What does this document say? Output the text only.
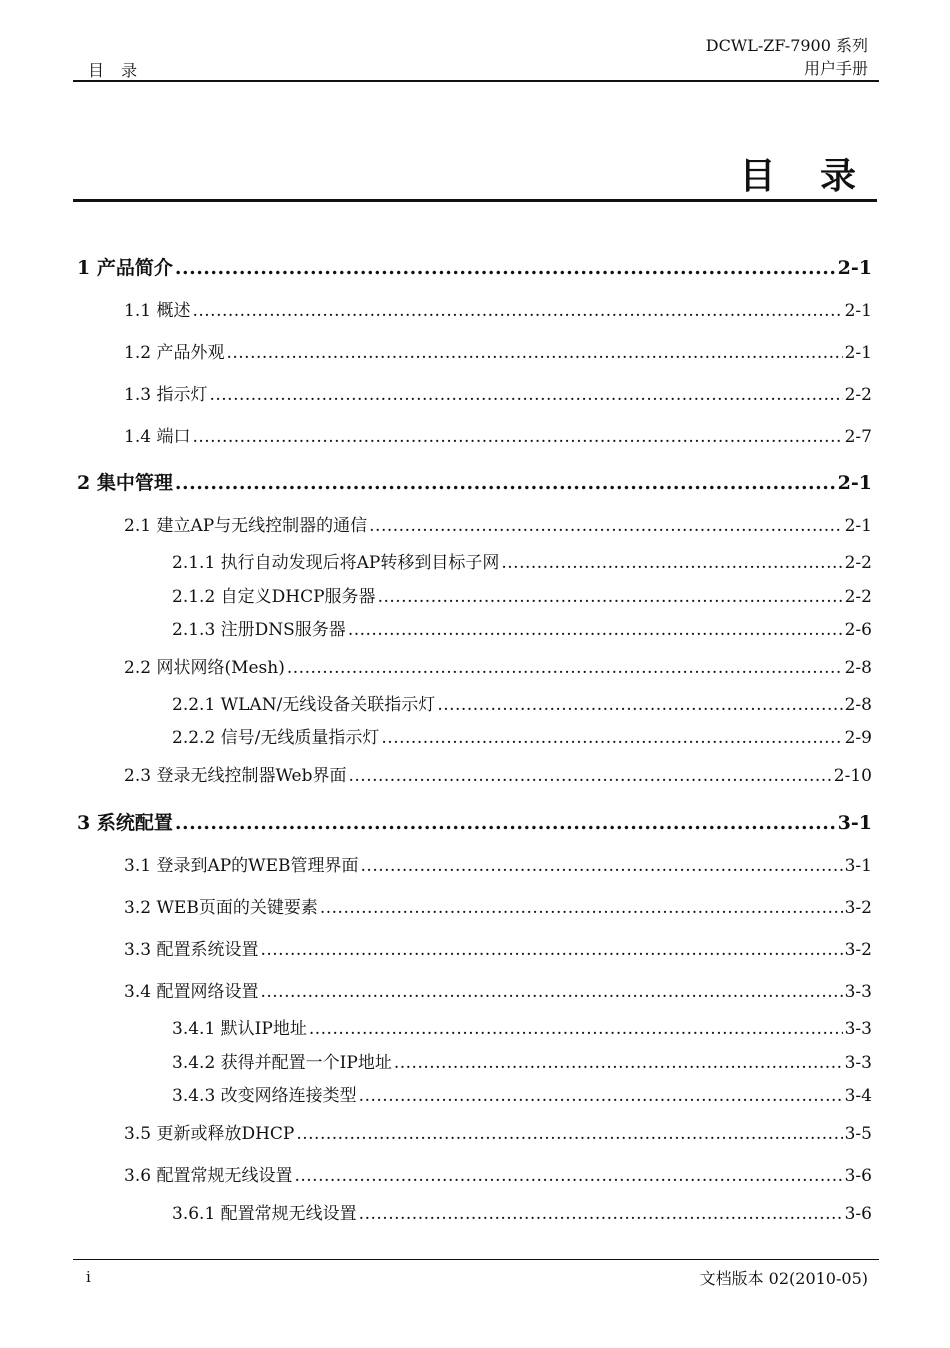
目 录
DCWL-ZF-7900 系列
用户手册
目 录
1 产品简介 .....	2-1
1.1 概述 .....	2-1
1.2 产品外观 .....	2-1
1.3 指示灯 .....	2-2
1.4 端口 .....	2-7
2 集中管理 .....	2-1
2.1 建立AP与无线控制器的通信 .....	2-1
2.1.1 执行自动发现后将AP转移到目标子网 .....	2-2
2.1.2 自定义DHCP服务器 .....	2-2
2.1.3 注册DNS服务器 .....	2-6
2.2 网状网络(Mesh) .....	2-8
2.2.1 WLAN/无线设备关联指示灯 .....	2-8
2.2.2 信号/无线质量指示灯 .....	2-9
2.3 登录无线控制器Web界面 .....	2-10
3 系统配置 .....	3-1
3.1 登录到AP的WEB管理界面 .....	3-1
3.2 WEB页面的关键要素 .....	3-2
3.3 配置系统设置 .....	3-2
3.4 配置网络设置 .....	3-3
3.4.1 默认IP地址 .....	3-3
3.4.2 获得并配置一个IP地址 .....	3-3
3.4.3 改变网络连接类型 .....	3-4
3.5 更新或释放DHCP .....	3-5
3.6 配置常规无线设置 .....	3-6
3.6.1 配置常规无线设置 .....	3-6
i	文档版本 02(2010-05)
